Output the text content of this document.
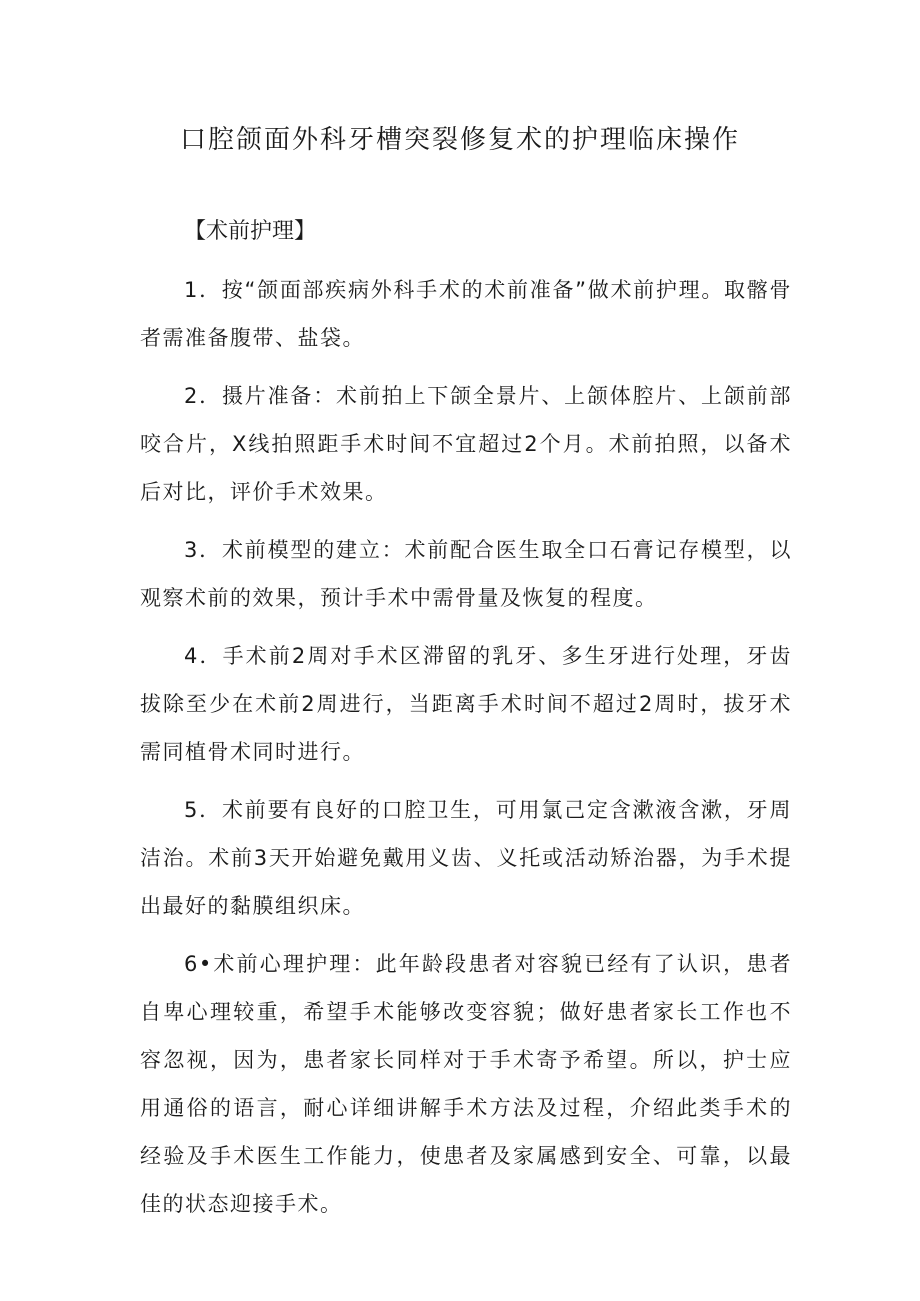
口腔颌面外科牙槽突裂修复术的护理临床操作

【术前护理】

1．按“颌面部疾病外科手术的术前准备”做术前护理。取髂骨者需准备腹带、盐袋。

2．摄片准备：术前拍上下颌全景片、上颌体腔片、上颌前部咬合片，X线拍照距手术时间不宜超过2个月。术前拍照，以备术后对比，评价手术效果。

3．术前模型的建立：术前配合医生取全口石膏记存模型，以观察术前的效果，预计手术中需骨量及恢复的程度。

4．手术前2周对手术区滞留的乳牙、多生牙进行处理，牙齿拔除至少在术前2周进行，当距离手术时间不超过2周时，拔牙术需同植骨术同时进行。

5．术前要有良好的口腔卫生，可用氯己定含漱液含漱，牙周洁治。术前3天开始避免戴用义齿、义托或活动矫治器，为手术提出最好的黏膜组织床。

6•术前心理护理：此年龄段患者对容貌已经有了认识，患者自卑心理较重，希望手术能够改变容貌；做好患者家长工作也不容忽视，因为，患者家长同样对于手术寄予希望。所以，护士应用通俗的语言，耐心详细讲解手术方法及过程，介绍此类手术的经验及手术医生工作能力，使患者及家属感到安全、可靠，以最佳的状态迎接手术。
